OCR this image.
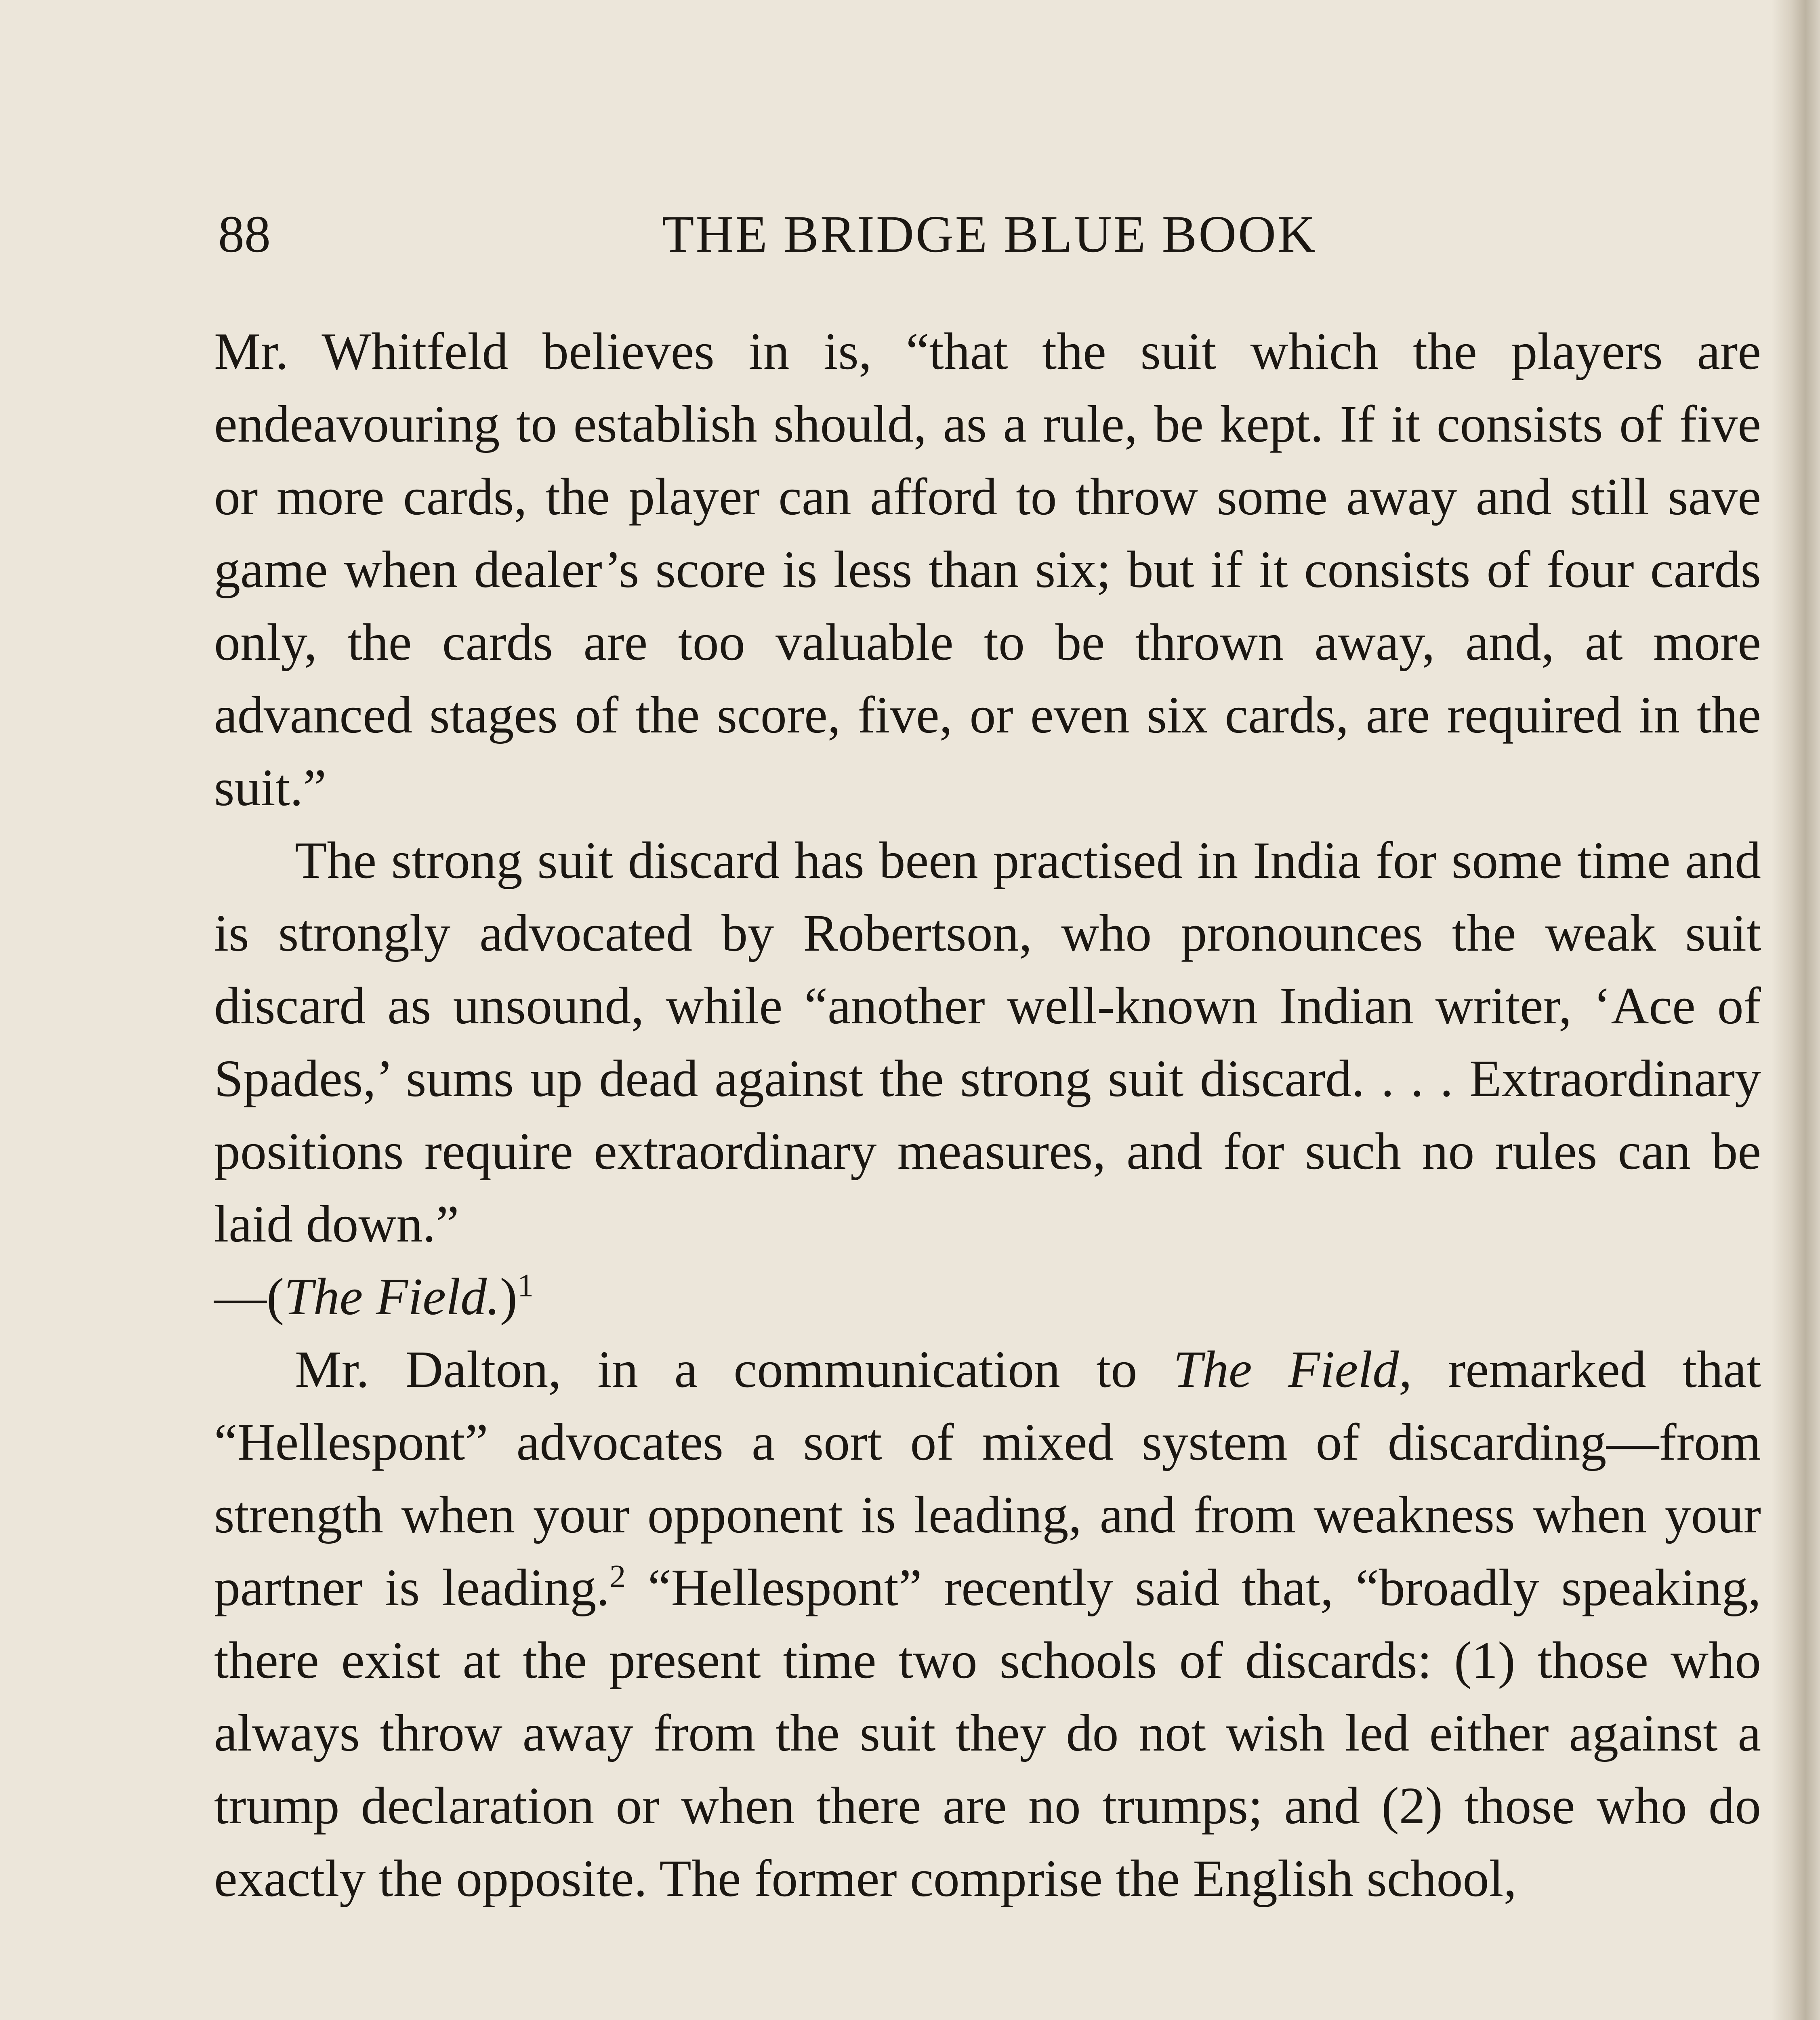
88	THE BRIDGE BLUE BOOK

Mr. Whitfeld believes in is, “that the suit which the players are endeavouring to establish should, as a rule, be kept. If it consists of five or more cards, the player can afford to throw some away and still save game when dealer’s score is less than six; but if it consists of four cards only, the cards are too valuable to be thrown away, and, at more advanced stages of the score, five, or even six cards, are required in the suit.”

The strong suit discard has been practised in India for some time and is strongly advocated by Robertson, who pronounces the weak suit discard as unsound, while “another well-known Indian writer, ‘Ace of Spades,’ sums up dead against the strong suit discard. . . . Extraordinary positions require extraordinary measures, and for such no rules can be laid down.”
—(The Field.)$^1$

Mr. Dalton, in a communication to The Field, remarked that “Hellespont” advocates a sort of mixed system of discarding—from strength when your opponent is leading, and from weakness when your partner is leading.$^2$ “Hellespont” recently said that, “broadly speaking, there exist at the present time two schools of discards: (1) those who always throw away from the suit they do not wish led either against a trump declaration or when there are no trumps; and (2) those who do exactly the opposite. The former comprise the English school,
